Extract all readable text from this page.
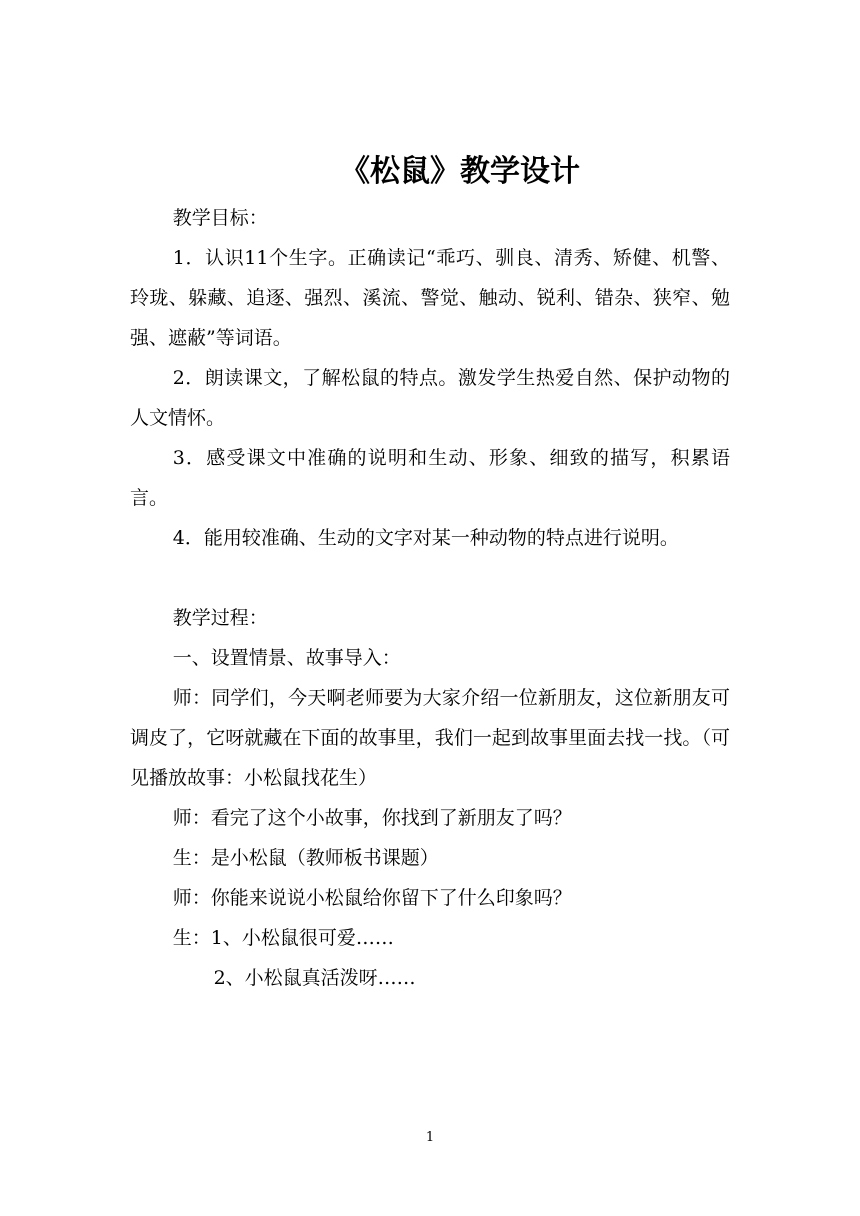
《松鼠》教学设计

教学目标：

1．认识11个生字。正确读记“乖巧、驯良、清秀、矫健、机警、玲珑、躲藏、追逐、强烈、溪流、警觉、触动、锐利、错杂、狭窄、勉强、遮蔽”等词语。

2．朗读课文，了解松鼠的特点。激发学生热爱自然、保护动物的人文情怀。

3．感受课文中准确的说明和生动、形象、细致的描写，积累语言。

4．能用较准确、生动的文字对某一种动物的特点进行说明。

教学过程：

一、设置情景、故事导入：

师：同学们，今天啊老师要为大家介绍一位新朋友，这位新朋友可调皮了，它呀就藏在下面的故事里，我们一起到故事里面去找一找。（可见播放故事：小松鼠找花生）

师：看完了这个小故事，你找到了新朋友了吗？

生：是小松鼠（教师板书课题）

师：你能来说说小松鼠给你留下了什么印象吗？

生：1、小松鼠很可爱……

2、小松鼠真活泼呀……

1
